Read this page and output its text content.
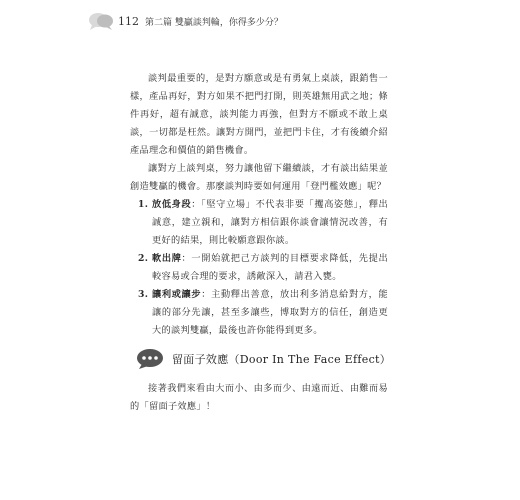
112 第二篇 雙贏談判輪，你得多少分？

談判最重要的，是對方願意或是有勇氣上桌談，跟銷售一樣，產品再好，對方如果不把門打開，則英雄無用武之地；條件再好，超有誠意，談判能力再強，但對方不願或不敢上桌談，一切都是枉然。讓對方開門，並把門卡住，才有後續介紹產品理念和價值的銷售機會。

讓對方上談判桌，努力讓他留下繼續談，才有談出結果並創造雙贏的機會。那麼談判時要如何運用「登門檻效應」呢？

1. 放低身段：「堅守立場」不代表非要「攫高姿態」，釋出誠意，建立親和，讓對方相信跟你談會讓情況改善，有更好的結果，則比較願意跟你談。
2. 軟出牌：一開始就把己方談判的目標要求降低，先提出較容易或合理的要求，誘敵深入，請君入甕。
3. 讓利或讓步：主動釋出善意，放出利多消息給對方，能讓的部分先讓，甚至多讓些，博取對方的信任，創造更大的談判雙贏，最後也許你能得到更多。
留面子效應（Door In The Face Effect）

接著我們來看由大而小、由多而少、由遠而近、由難而易的「留面子效應」！
